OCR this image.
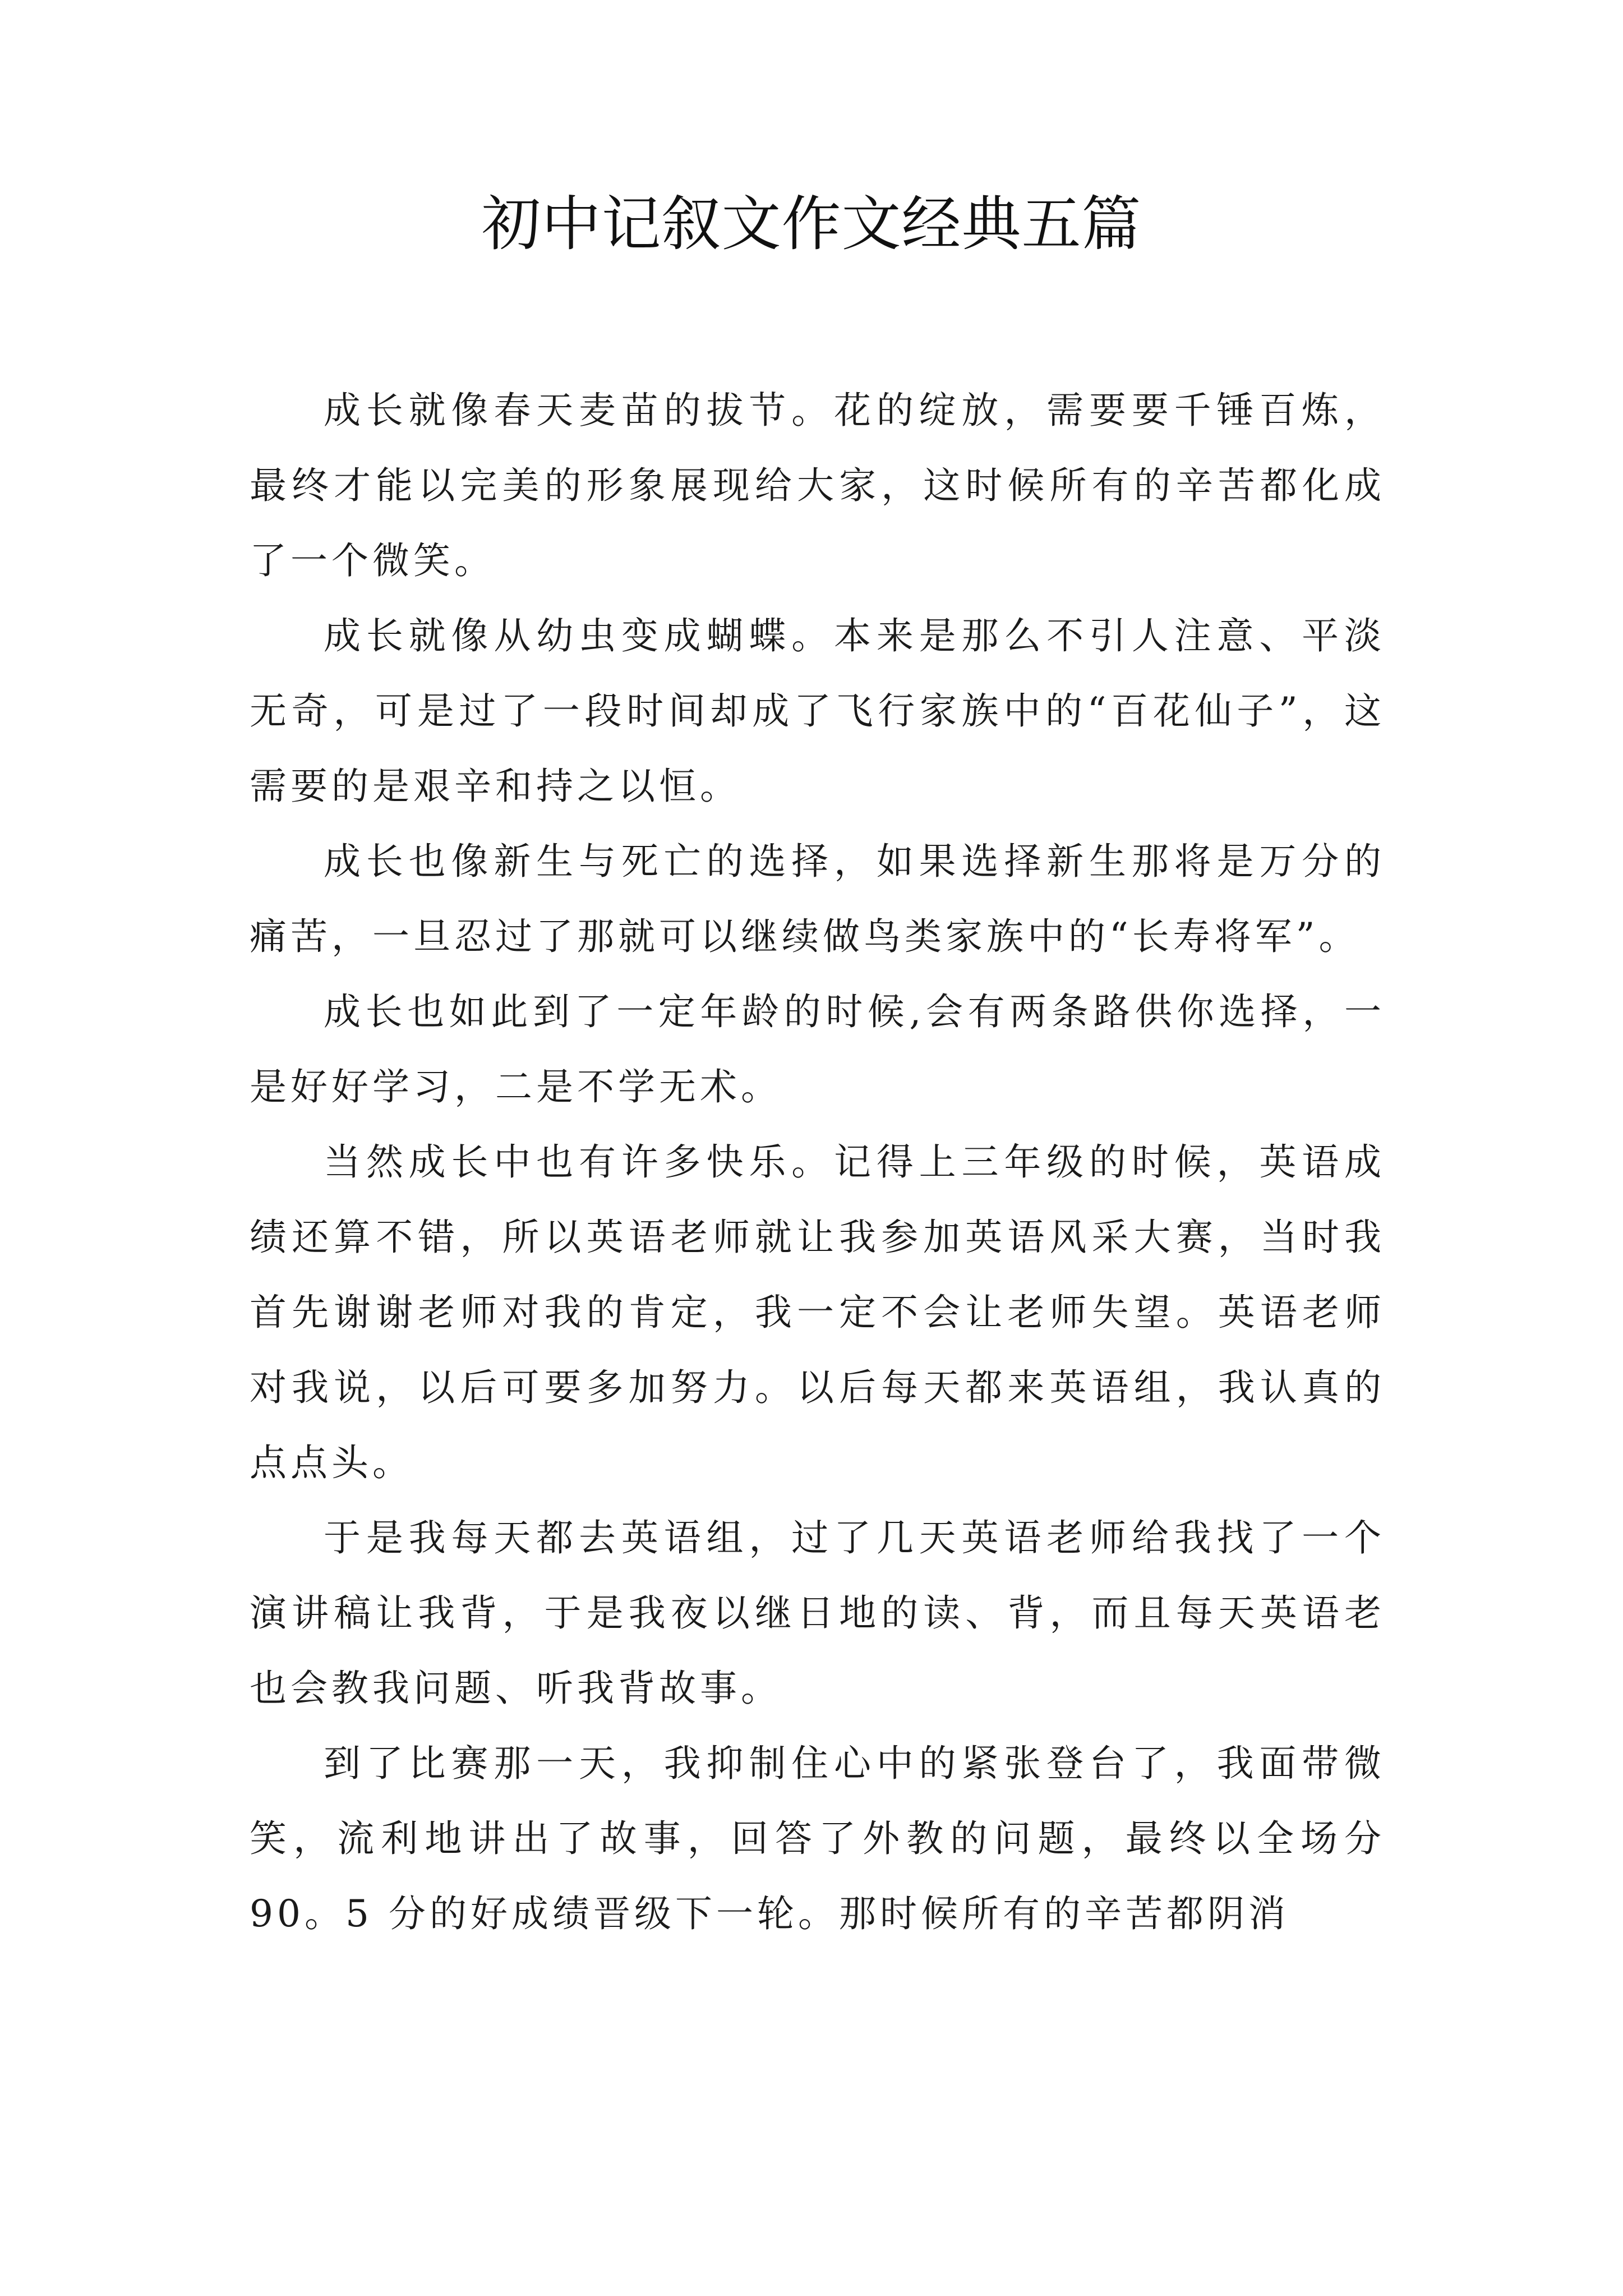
初中记叙文作文经典五篇

成长就像春天麦苗的拔节。花的绽放，需要要千锤百炼，最终才能以完美的形象展现给大家，这时候所有的辛苦都化成了一个微笑。

成长就像从幼虫变成蝴蝶。本来是那么不引人注意、平淡无奇，可是过了一段时间却成了飞行家族中的“百花仙子”，这需要的是艰辛和持之以恒。

成长也像新生与死亡的选择，如果选择新生那将是万分的痛苦，一旦忍过了那就可以继续做鸟类家族中的“长寿将军”。

成长也如此到了一定年龄的时候,会有两条路供你选择，一是好好学习，二是不学无术。

当然成长中也有许多快乐。记得上三年级的时候，英语成绩还算不错，所以英语老师就让我参加英语风采大赛，当时我首先谢谢老师对我的肯定，我一定不会让老师失望。英语老师对我说，以后可要多加努力。以后每天都来英语组，我认真的点点头。

于是我每天都去英语组，过了几天英语老师给我找了一个演讲稿让我背，于是我夜以继日地的读、背，而且每天英语老也会教我问题、听我背故事。

到了比赛那一天，我抑制住心中的紧张登台了，我面带微笑，流利地讲出了故事，回答了外教的问题，最终以全场分 90。5 分的好成绩晋级下一轮。那时候所有的辛苦都阴消
